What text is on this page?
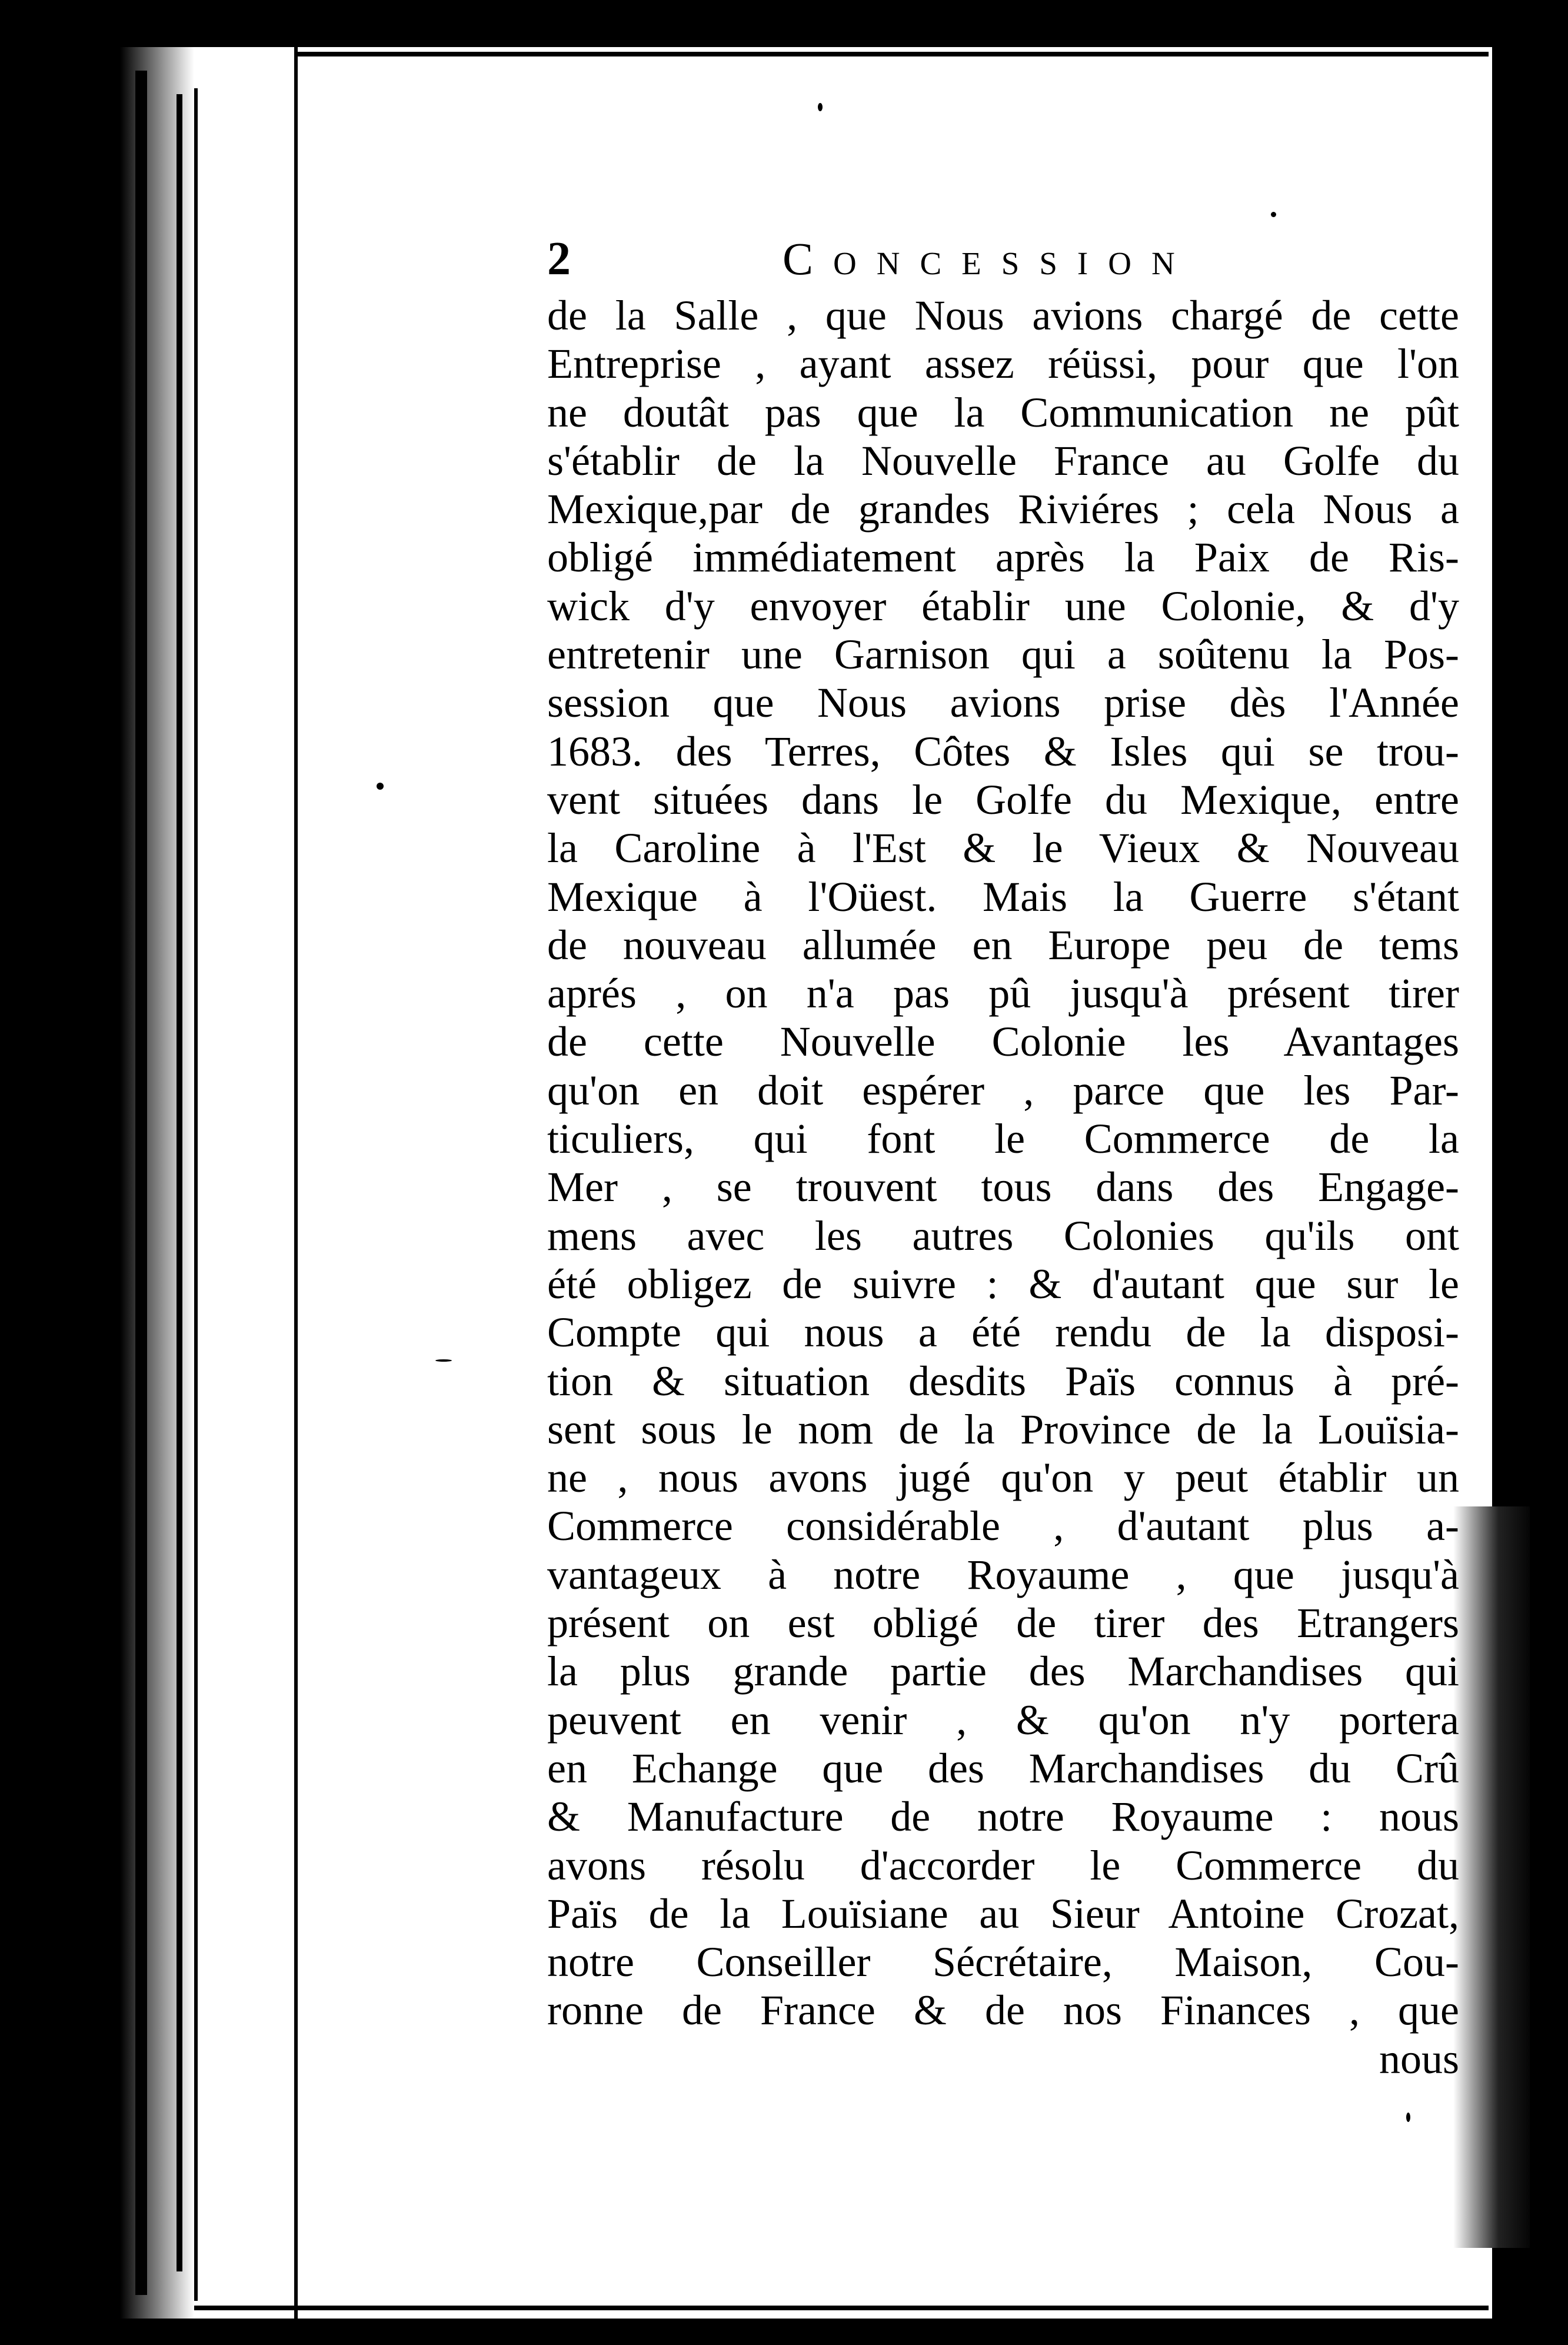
2	Concession
de la Salle , que Nous avions chargé de cette
Entreprise , ayant assez réüssi, pour que l'on
ne doutât pas que la Communication ne pût
s'établir de la Nouvelle France au Golfe du
Mexique,par de grandes Riviéres ; cela Nous a
obligé immédiatement après la Paix de Ris-
wick d'y envoyer établir une Colonie, & d'y
entretenir une Garnison qui a soûtenu la Pos-
session que Nous avions prise dès l'Année
1683. des Terres, Côtes & Isles qui se trou-
vent situées dans le Golfe du Mexique, entre
la Caroline à l'Est & le Vieux & Nouveau
Mexique à l'Oüest. Mais la Guerre s'étant
de nouveau allumée en Europe peu de tems
aprés , on n'a pas pû jusqu'à présent tirer
de cette Nouvelle Colonie les Avantages
qu'on en doit espérer , parce que les Par-
ticuliers, qui font le Commerce de la
Mer , se trouvent tous dans des Engage-
mens avec les autres Colonies qu'ils ont
été obligez de suivre : & d'autant que sur le
Compte qui nous a été rendu de la disposi-
tion & situation desdits Païs connus à pré-
sent sous le nom de la Province de la Louïsia-
ne , nous avons jugé qu'on y peut établir un
Commerce considérable , d'autant plus a-
vantageux à notre Royaume , que jusqu'à
présent on est obligé de tirer des Etrangers
la plus grande partie des Marchandises qui
peuvent en venir , & qu'on n'y portera
en Echange que des Marchandises du Crû
& Manufacture de notre Royaume : nous
avons résolu d'accorder le Commerce du
Païs de la Louïsiane au Sieur Antoine Crozat,
notre Conseiller Sécrétaire, Maison, Cou-
ronne de France & de nos Finances , que
nous
